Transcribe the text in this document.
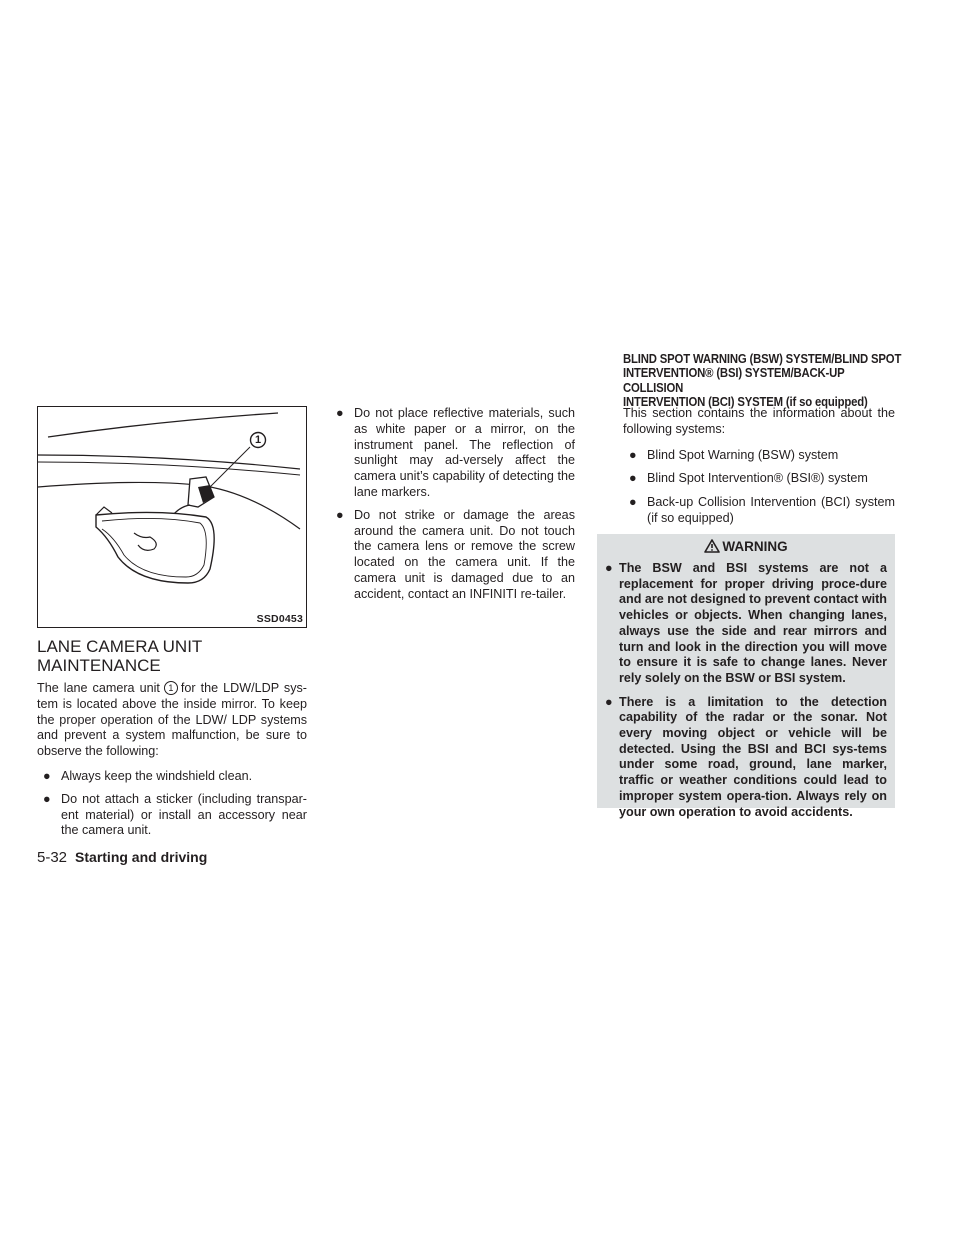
1
SSD0453
LANE CAMERA UNIT
MAINTENANCE

The lane camera unit 1 for the LDW/LDP sys-tem is located above the inside mirror. To keep the proper operation of the LDW/ LDP systems and prevent a system malfunction, be sure to observe the following:

● Always keep the windshield clean.
● Do not attach a sticker (including transpar-ent material) or install an accessory near the camera unit.
● Do not place reflective materials, such as white paper or a mirror, on the instrument panel. The reflection of sunlight may ad-versely affect the camera unit’s capability of detecting the lane markers.
● Do not strike or damage the areas around the camera unit. Do not touch the camera lens or remove the screw located on the camera unit. If the camera unit is damaged due to an accident, contact an INFINITI re-tailer.
BLIND SPOT WARNING (BSW) SYSTEM/BLIND SPOT
INTERVENTION® (BSI) SYSTEM/BACK-UP COLLISION
INTERVENTION (BCI) SYSTEM (if so equipped)

This section contains the information about the following systems:

● Blind Spot Warning (BSW) system
● Blind Spot Intervention® (BSI®) system
● Back-up Collision Intervention (BCI) system (if so equipped)
WARNING
● The BSW and BSI systems are not a replacement for proper driving proce-dure and are not designed to prevent contact with vehicles or objects. When changing lanes, always use the side and rear mirrors and turn and look in the direction you will move to ensure it is safe to change lanes. Never rely solely on the BSW or BSI system.
● There is a limitation to the detection capability of the radar or the sonar. Not every moving object or vehicle will be detected. Using the BSI and BCI sys-tems under some road, ground, lane marker, traffic or weather conditions could lead to improper system opera-tion. Always rely on your own operation to avoid accidents.
5-32 Starting and driving
